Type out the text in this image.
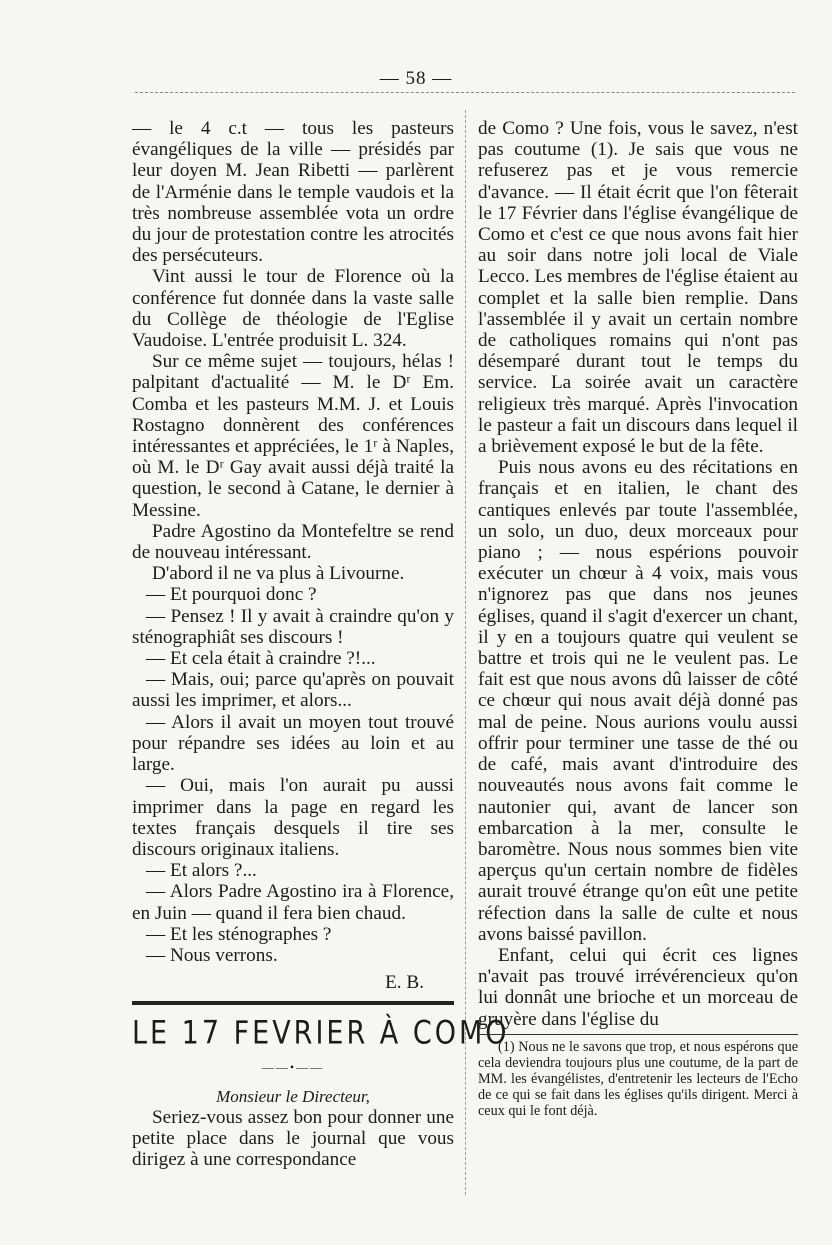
— 58 —

— le 4 c.t — tous les pasteurs évangéliques de la ville — présidés par leur doyen M. Jean Ribetti — parlèrent de l'Arménie dans le temple vaudois et la très nombreuse assemblée vota un ordre du jour de protestation contre les atrocités des persécuteurs.

Vint aussi le tour de Florence où la conférence fut donnée dans la vaste salle du Collège de théologie de l'Eglise Vaudoise. L'entrée produisit L. 324.

Sur ce même sujet — toujours, hélas ! palpitant d'actualité — M. le Dʳ Em. Comba et les pasteurs M.M. J. et Louis Rostagno donnèrent des conférences intéressantes et appréciées, le 1ʳ à Naples, où M. le Dʳ Gay avait aussi déjà traité la question, le second à Catane, le dernier à Messine.

Padre Agostino da Montefeltre se rend de nouveau intéressant.

D'abord il ne va plus à Livourne.

— Et pourquoi donc ?

— Pensez ! Il y avait à craindre qu'on y sténographiât ses discours !

— Et cela était à craindre ?!...

— Mais, oui; parce qu'après on pouvait aussi les imprimer, et alors...

— Alors il avait un moyen tout trouvé pour répandre ses idées au loin et au large.

— Oui, mais l'on aurait pu aussi imprimer dans la page en regard les textes français desquels il tire ses discours originaux italiens.

— Et alors ?...

— Alors Padre Agostino ira à Florence, en Juin — quand il fera bien chaud.

— Et les sténographes ?

— Nous verrons.

E. B.

LE 17 FEVRIER À COMO

——•——

Monsieur le Directeur,

Seriez-vous assez bon pour donner une petite place dans le journal que vous dirigez à une correspondance

de Como ? Une fois, vous le savez, n'est pas coutume (1). Je sais que vous ne refuserez pas et je vous remercie d'avance. — Il était écrit que l'on fêterait le 17 Février dans l'église évangélique de Como et c'est ce que nous avons fait hier au soir dans notre joli local de Viale Lecco. Les membres de l'église étaient au complet et la salle bien remplie. Dans l'assemblée il y avait un certain nombre de catholiques romains qui n'ont pas désemparé durant tout le temps du service. La soirée avait un caractère religieux très marqué. Après l'invocation le pasteur a fait un discours dans lequel il a brièvement exposé le but de la fête.

Puis nous avons eu des récitations en français et en italien, le chant des cantiques enlevés par toute l'assemblée, un solo, un duo, deux morceaux pour piano ; — nous espérions pouvoir exécuter un chœur à 4 voix, mais vous n'ignorez pas que dans nos jeunes églises, quand il s'agit d'exercer un chant, il y en a toujours quatre qui veulent se battre et trois qui ne le veulent pas. Le fait est que nous avons dû laisser de côté ce chœur qui nous avait déjà donné pas mal de peine. Nous aurions voulu aussi offrir pour terminer une tasse de thé ou de café, mais avant d'introduire des nouveautés nous avons fait comme le nautonier qui, avant de lancer son embarcation à la mer, consulte le baromètre. Nous nous sommes bien vite aperçus qu'un certain nombre de fidèles aurait trouvé étrange qu'on eût une petite réfection dans la salle de culte et nous avons baissé pavillon.

Enfant, celui qui écrit ces lignes n'avait pas trouvé irrévérencieux qu'on lui donnât une brioche et un morceau de gruyère dans l'église du

(1) Nous ne le savons que trop, et nous espérons que cela deviendra toujours plus une coutume, de la part de MM. les évangélistes, d'entretenir les lecteurs de l'Echo de ce qui se fait dans les églises qu'ils dirigent. Merci à ceux qui le font déjà.
